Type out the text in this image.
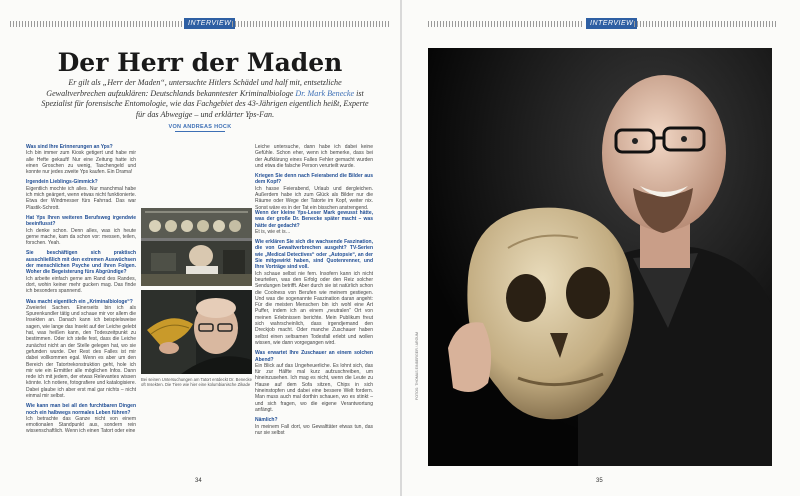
INTERVIEW
Der Herr der Maden
Er gilt als „Herr der Maden“, untersuchte Hitlers Schädel und half mit, entsetzliche Gewaltverbrechen aufzuklären: Deutschlands bekanntester Kriminalbiologe Dr. Mark Benecke ist Spezialist für forensische Entomologie, wie das Fachgebiet des 43-Jährigen eigentlich heißt, Experte für das Abwegige – und erklärter Yps-Fan.
VON ANDREAS HOCK
Was sind Ihre Erinnerungen an Yps?
Ich bin immer zum Kiosk getigert und habe mir alle Hefte gekauft! Nur eine Zeitung hatte ich einen Groschen zu wenig, Taschengeld und konnte nur jedes zweite Yps kaufen. Ein Drama!
Irgendein Lieblings-Gimmick?
Eigentlich mochte ich alles. Nur manchmal habe ich mich geärgert, wenn etwas nicht funktionierte. Etwa der Windmesser fürs Fahrrad. Das war Plastik-Schrott.
Hat Yps Ihren weiteren Berufsweg irgendwie beeinflusst?
Ich denke schon. Denn alles, was ich heute gerne mache, kam da schon vor: messen, teilen, forschen. Yeah.
Sie beschäftigen sich praktisch ausschließlich mit den extremen Auswüchsen der menschlichen Psyche und ihren Folgen. Woher die Begeisterung fürs Abgründige?
Ich arbeite einfach gerne am Rand des Randes, dort, wohin keiner mehr gucken mag. Das finde ich besonders spannend.
Was macht eigentlich ein „Kriminalbiologe“?
Zweierlei Sachen. Einerseits bin ich als Spurenkundler tätig und schaue mir vor allem die Insekten an. Danach kann ich beispielsweise sagen, wie lange das Insekt auf der Leiche gelebt hat, was heißen kann, den Todeszeitpunkt zu bestimmen. Oder ich stelle fest, dass die Leiche zunächst nicht an der Stelle gelegen hat, wo sie gefunden wurde. Der Rest des Falles ist mir dabei vollkommen egal. Wenn es aber um den Bereich der Tatortrekonstruktion geht, hole ich mir wie ein Ermittler alle möglichen Infos. Dann rede ich mit jedem, der etwas Relevantes wissen könnte. Ich notiere, fotografiere und katalogisiere. Dabei glaube ich aber erst mal gar nichts – nicht einmal mir selbst.
Wie kann man bei all den furchtbaren Dingen noch ein halbwegs normales Leben führen?
Ich betrachte das Ganze nicht von einem emotionalen Standpunkt aus, sondern rein wissenschaftlich. Wenn ich einen Tatort oder eine
Leiche untersuche, dann habe ich dabei keine Gefühle. Schon eher, wenn ich bemerke, dass bei der Aufklärung eines Falles Fehler gemacht wurden und etwa die falsche Person verurteilt wurde.
Kriegen Sie denn nach Feierabend die Bilder aus dem Kopf?
Ich hasse Feierabend, Urlaub und dergleichen. Außerdem habe ich zum Glück als Bilder nur die Räume oder Wege der Tatorte im Kopf, weiter nix. Sonst wäre es in der Tat ein bisschen anstrengend.
Bei seinen Untersuchungen am Tatort entdeckt Dr. Benecke oft Insekten. Die Tiere wie hier eine kolumbianische Zikade
Wenn der kleine Yps-Leser Mark gewusst hätte, was der große Dr. Benecke später macht – was hätte der gedacht?
Et is, wie et is…
Wie erklären Sie sich die wachsende Faszination, die von Gewaltverbrechen ausgeht? TV-Serien wie „Medical Detectives“ oder „Autopsie“, an der Sie mitgewirkt haben, sind Quotenrenner, und Ihre Vorträge sind voll.
Ich schaue selbst nie fern. Insofern kann ich nicht beurteilen, was den Erfolg oder den Reiz solcher Sendungen betrifft. Aber durch sie ist natürlich schon die Coolness von Berufen wie meinem gestiegen. Und was die sogenannte Faszination daran angeht: Für die meisten Menschen bin ich wohl eine Art Puffer, indem ich an einem „neutralen“ Ort von meinen Erlebnissen berichte. Mein Publikum freut sich wahrscheinlich, dass irgendjemand den Dreckjob macht. Oder manche Zuschauer haben selbst einen seltsamen Todesfall erlebt und wollen wissen, wie dann vorgegangen wird.
Was erwartet Ihre Zuschauer an einem solchen Abend?
Ein Blick auf das Ungeheuerliche. Es lohnt sich, das für zur Hälfte mal kurz aufzuschreiben, um hineinzusehen. Ich mag es nicht, wenn die Leute zu Hause auf dem Sofa sitzen, Chips in sich hineinstopfen und dabei eine bessere Welt fordern. Man muss auch mal dorthin schauen, wo es stinkt – und sich fragen, wo die eigene Verantwortung anfängt.
Nämlich?
In meinem Fall dort, wo Gewalttäter etwas tun, das nur sie selbst
34
INTERVIEW
35
FOTOS: THOMAS EINBERGER / ARGUM
